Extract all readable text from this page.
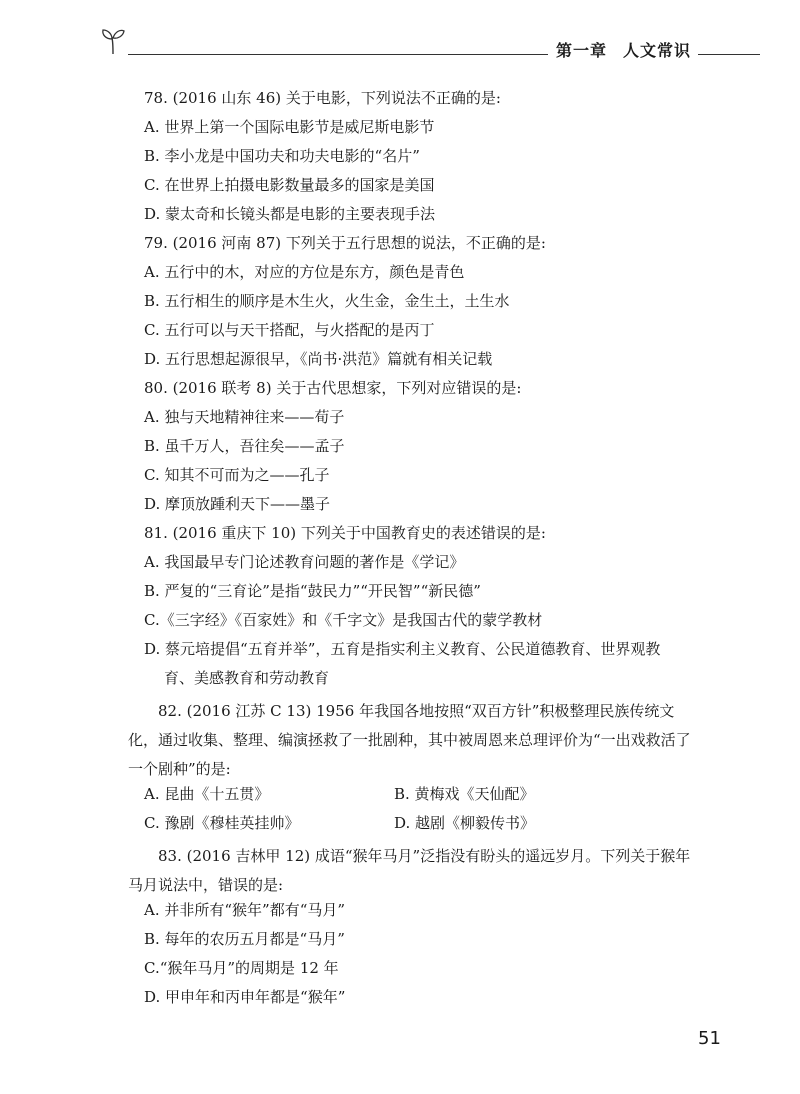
第一章 人文常识
78. (2016 山东 46) 关于电影，下列说法不正确的是:
A. 世界上第一个国际电影节是威尼斯电影节
B. 李小龙是中国功夫和功夫电影的“名片”
C. 在世界上拍摄电影数量最多的国家是美国
D. 蒙太奇和长镜头都是电影的主要表现手法
79. (2016 河南 87) 下列关于五行思想的说法，不正确的是:
A. 五行中的木，对应的方位是东方，颜色是青色
B. 五行相生的顺序是木生火，火生金，金生土，土生水
C. 五行可以与天干搭配，与火搭配的是丙丁
D. 五行思想起源很早，《尚书·洪范》篇就有相关记载
80. (2016 联考 8) 关于古代思想家，下列对应错误的是:
A. 独与天地精神往来——荀子
B. 虽千万人，吾往矣——孟子
C. 知其不可而为之——孔子
D. 摩顶放踵利天下——墨子
81. (2016 重庆下 10) 下列关于中国教育史的表述错误的是:
A. 我国最早专门论述教育问题的著作是《学记》
B. 严复的“三育论”是指“鼓民力”“开民智”“新民德”
C.《三字经》《百家姓》和《千字文》是我国古代的蒙学教材
D. 蔡元培提倡“五育并举”，五育是指实利主义教育、公民道德教育、世界观教
育、美感教育和劳动教育
82. (2016 江苏 C 13) 1956 年我国各地按照“双百方针”积极整理民族传统文化，通过收集、整理、编演拯救了一批剧种，其中被周恩来总理评价为“一出戏救活了一个剧种”的是:
A. 昆曲《十五贯》	B. 黄梅戏《天仙配》
C. 豫剧《穆桂英挂帅》	D. 越剧《柳毅传书》
83. (2016 吉林甲 12) 成语“猴年马月”泛指没有盼头的遥远岁月。下列关于猴年马月说法中，错误的是:
A. 并非所有“猴年”都有“马月”
B. 每年的农历五月都是“马月”
C.“猴年马月”的周期是 12 年
D. 甲申年和丙申年都是“猴年”
51
